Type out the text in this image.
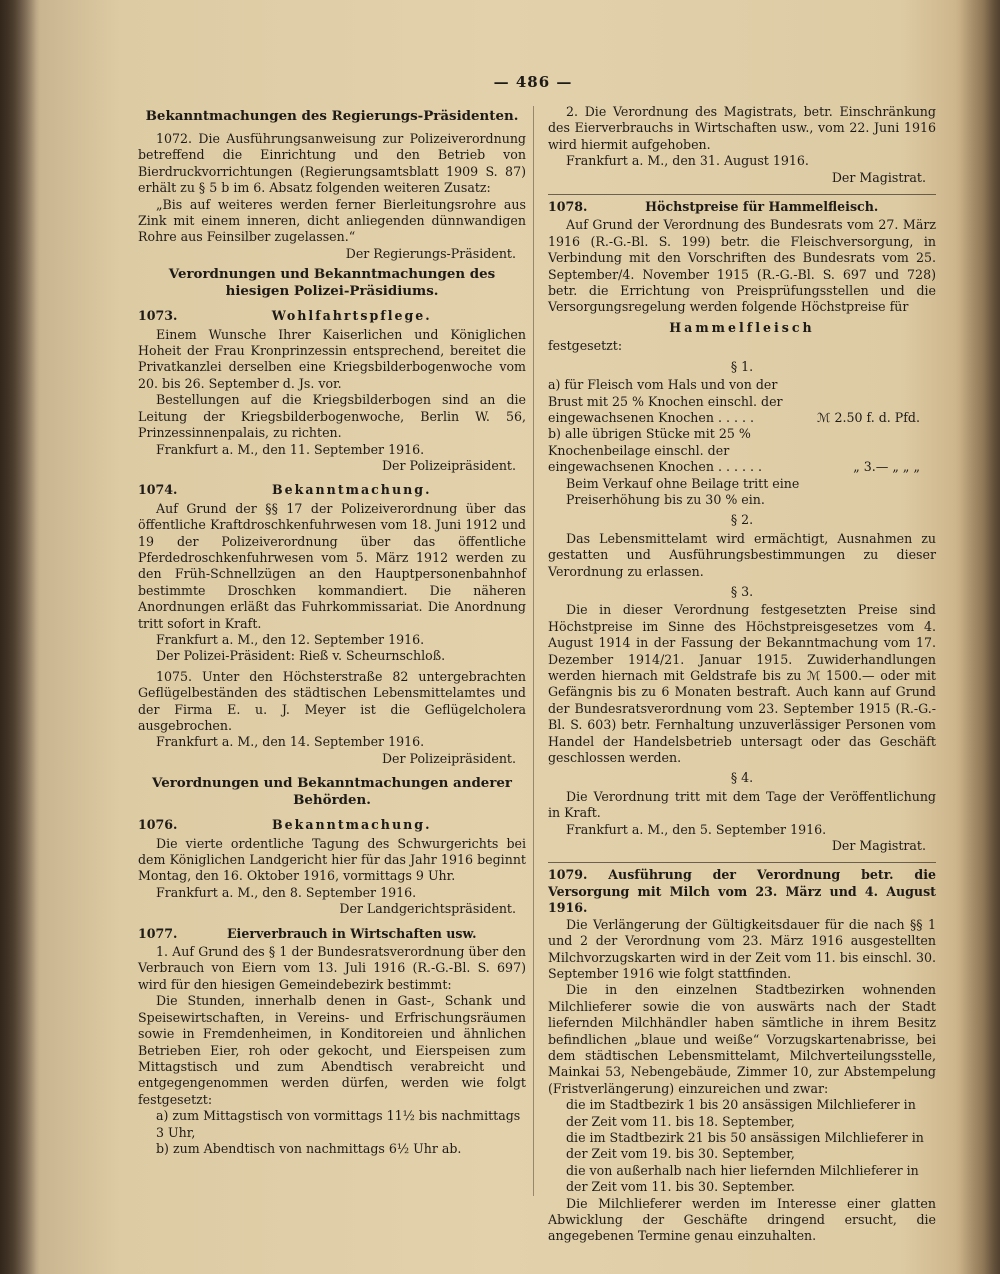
— 486 —
Bekanntmachungen des Regierungs-Präsidenten.

1072. Die Ausführungsanweisung zur Polizeiverordnung betreffend die Einrichtung und den Betrieb von Bierdruckvorrichtungen (Regierungsamtsblatt 1909 S. 87) erhält zu § 5 b im 6. Absatz folgenden weiteren Zusatz:

„Bis auf weiteres werden ferner Bierleitungsrohre aus Zink mit einem inneren, dicht anliegenden dünnwandigen Rohre aus Feinsilber zugelassen.“

Der Regierungs-Präsident.
Verordnungen und Bekanntmachungen des hiesigen Polizei-Präsidiums.
1073.	Wohlfahrtspflege.

Einem Wunsche Ihrer Kaiserlichen und Königlichen Hoheit der Frau Kronprinzessin entsprechend, bereitet die Privatkanzlei derselben eine Kriegsbilderbogenwoche vom 20. bis 26. September d. Js. vor.

Bestellungen auf die Kriegsbilderbogen sind an die Leitung der Kriegsbilderbogenwoche, Berlin W. 56, Prinzessinnenpalais, zu richten.

Frankfurt a. M., den 11. September 1916.
Der Polizeipräsident.
1074.	Bekanntmachung.

Auf Grund der §§ 17 der Polizeiverordnung über das öffentliche Kraftdroschkenfuhrwesen vom 18. Juni 1912 und 19 der Polizeiverordnung über das öffentliche Pferdedroschkenfuhrwesen vom 5. März 1912 werden zu den Früh-Schnellzügen an den Hauptpersonenbahnhof bestimmte Droschken kommandiert. Die näheren Anordnungen erläßt das Fuhrkommissariat. Die Anordnung tritt sofort in Kraft.

Frankfurt a. M., den 12. September 1916.
Der Polizei-Präsident: Rieß v. Scheurnschloß.

1075. Unter den Höchsterstraße 82 untergebrachten Geflügelbeständen des städtischen Lebensmittelamtes und der Firma E. u. J. Meyer ist die Geflügelcholera ausgebrochen.

Frankfurt a. M., den 14. September 1916.
Der Polizeipräsident.
Verordnungen und Bekanntmachungen anderer Behörden.
1076.	Bekanntmachung.

Die vierte ordentliche Tagung des Schwurgerichts bei dem Königlichen Landgericht hier für das Jahr 1916 beginnt Montag, den 16. Oktober 1916, vormittags 9 Uhr.

Frankfurt a. M., den 8. September 1916.
Der Landgerichtspräsident.
1077.	Eierverbrauch in Wirtschaften usw.

1. Auf Grund des § 1 der Bundesratsverordnung über den Verbrauch von Eiern vom 13. Juli 1916 (R.-G.-Bl. S. 697) wird für den hiesigen Gemeindebezirk bestimmt:

Die Stunden, innerhalb denen in Gast-, Schank und Speisewirtschaften, in Vereins- und Erfrischungsräumen sowie in Fremdenheimen, in Konditoreien und ähnlichen Betrieben Eier, roh oder gekocht, und Eierspeisen zum Mittagstisch und zum Abendtisch verabreicht und entgegengenommen werden dürfen, werden wie folgt festgesetzt:

a) zum Mittagstisch von vormittags 11½ bis nachmittags 3 Uhr,
b) zum Abendtisch von nachmittags 6½ Uhr ab.

2. Die Verordnung des Magistrats, betr. Einschränkung des Eierverbrauchs in Wirtschaften usw., vom 22. Juni 1916 wird hiermit aufgehoben.

Frankfurt a. M., den 31. August 1916.
Der Magistrat.
1078.	Höchstpreise für Hammelfleisch.

Auf Grund der Verordnung des Bundesrats vom 27. März 1916 (R.-G.-Bl. S. 199) betr. die Fleischversorgung, in Verbindung mit den Vorschriften des Bundesrats vom 25. September/4. November 1915 (R.-G.-Bl. S. 697 und 728) betr. die Errichtung von Preisprüfungsstellen und die Versorgungsregelung werden folgende Höchstpreise für

Hammelfleisch
festgesetzt:
§ 1.
a) für Fleisch vom Hals und von der Brust mit 25 % Knochen einschl. der eingewachsenen Knochen . . . . .	ℳ 2.50 f. d. Pfd.
b) alle übrigen Stücke mit 25 % Knochenbeilage einschl. der eingewachsenen Knochen . . . . . .	„ 3.— „ „ „
Beim Verkauf ohne Beilage tritt eine Preiserhöhung bis zu 30 % ein.
§ 2.

Das Lebensmittelamt wird ermächtigt, Ausnahmen zu gestatten und Ausführungsbestimmungen zu dieser Verordnung zu erlassen.

§ 3.

Die in dieser Verordnung festgesetzten Preise sind Höchstpreise im Sinne des Höchstpreisgesetzes vom 4. August 1914 in der Fassung der Bekanntmachung vom 17. Dezember 1914/21. Januar 1915. Zuwiderhandlungen werden hiernach mit Geldstrafe bis zu ℳ 1500.— oder mit Gefängnis bis zu 6 Monaten bestraft. Auch kann auf Grund der Bundesratsverordnung vom 23. September 1915 (R.-G.-Bl. S. 603) betr. Fernhaltung unzuverlässiger Personen vom Handel der Handelsbetrieb untersagt oder das Geschäft geschlossen werden.

§ 4.

Die Verordnung tritt mit dem Tage der Veröffentlichung in Kraft.

Frankfurt a. M., den 5. September 1916.
Der Magistrat.

1079. Ausführung der Verordnung betr. die Versorgung mit Milch vom 23. März und 4. August 1916.

Die Verlängerung der Gültigkeitsdauer für die nach §§ 1 und 2 der Verordnung vom 23. März 1916 ausgestellten Milchvorzugskarten wird in der Zeit vom 11. bis einschl. 30. September 1916 wie folgt stattfinden.

Die in den einzelnen Stadtbezirken wohnenden Milchlieferer sowie die von auswärts nach der Stadt liefernden Milchhändler haben sämtliche in ihrem Besitz befindlichen „blaue und weiße“ Vorzugskartenabrisse, bei dem städtischen Lebensmittelamt, Milchverteilungsstelle, Mainkai 53, Nebengebäude, Zimmer 10, zur Abstempelung (Fristverlängerung) einzureichen und zwar:

die im Stadtbezirk 1 bis 20 ansässigen Milchlieferer in der Zeit vom 11. bis 18. September,
die im Stadtbezirk 21 bis 50 ansässigen Milchlieferer in der Zeit vom 19. bis 30. September,
die von außerhalb nach hier liefernden Milchlieferer in der Zeit vom 11. bis 30. September.

Die Milchlieferer werden im Interesse einer glatten Abwicklung der Geschäfte dringend ersucht, die angegebenen Termine genau einzuhalten.
